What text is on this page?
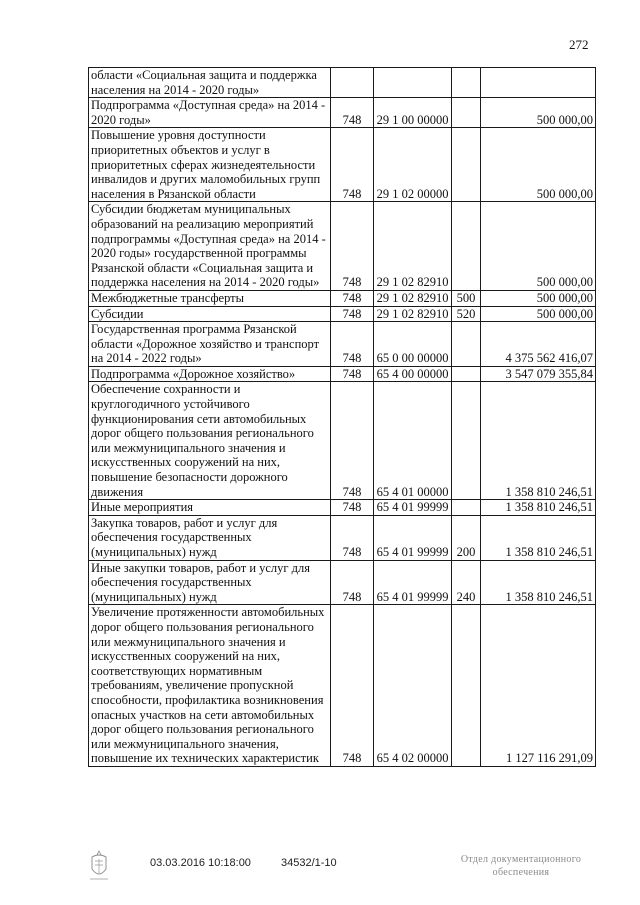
272
области «Социальная защита и поддержка населения на 2014 - 2020 годы»				
Подпрограмма «Доступная среда» на 2014 - 2020 годы»	748	29 1 00 00000		500 000,00
Повышение уровня доступности приоритетных объектов и услуг в приоритетных сферах жизнедеятельности инвалидов и других маломобильных групп населения в Рязанской области	748	29 1 02 00000		500 000,00
Субсидии бюджетам муниципальных образований на реализацию мероприятий подпрограммы «Доступная среда» на 2014 - 2020 годы» государственной программы Рязанской области «Социальная защита и поддержка населения на 2014 - 2020 годы»	748	29 1 02 82910		500 000,00
Межбюджетные трансферты	748	29 1 02 82910	500	500 000,00
Субсидии	748	29 1 02 82910	520	500 000,00
Государственная программа Рязанской области «Дорожное хозяйство и транспорт на 2014 - 2022 годы»	748	65 0 00 00000		4 375 562 416,07
Подпрограмма «Дорожное хозяйство»	748	65 4 00 00000		3 547 079 355,84
Обеспечение сохранности и круглогодичного устойчивого функционирования сети автомобильных дорог общего пользования регионального или межмуниципального значения и искусственных сооружений на них, повышение безопасности дорожного движения	748	65 4 01 00000		1 358 810 246,51
Иные мероприятия	748	65 4 01 99999		1 358 810 246,51
Закупка товаров, работ и услуг для обеспечения государственных (муниципальных) нужд	748	65 4 01 99999	200	1 358 810 246,51
Иные закупки товаров, работ и услуг для обеспечения государственных (муниципальных) нужд	748	65 4 01 99999	240	1 358 810 246,51
Увеличение протяженности автомобильных дорог общего пользования регионального или межмуниципального значения и искусственных сооружений на них, соответствующих нормативным требованиям, увеличение пропускной способности, профилактика возникновения опасных участков на сети автомобильных дорог общего пользования регионального или межмуниципального значения, повышение их технических характеристик	748	65 4 02 00000		1 127 116 291,09
03.03.2016 10:18:00	34532/1-10	Отдел документационного
обеспечения
